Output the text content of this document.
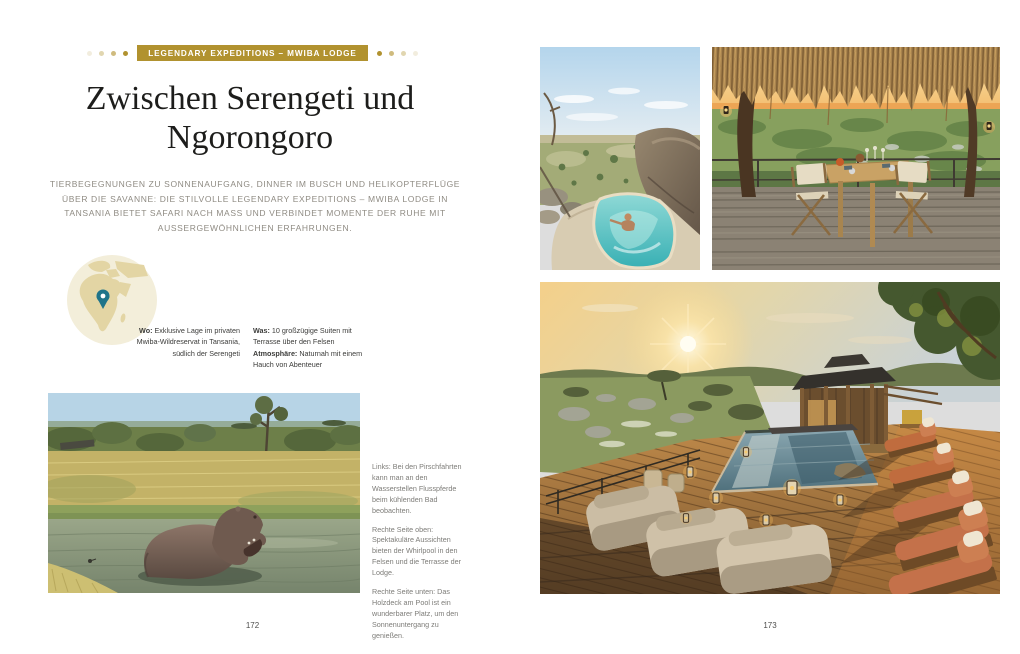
LEGENDARY EXPEDITIONS – MWIBA LODGE
Zwischen Serengeti und
Ngorongoro

TIERBEGEGNUNGEN ZU SONNENAUFGANG, DINNER IM BUSCH UND HELIKOPTERFLÜGE ÜBER DIE SAVANNE: DIE STILVOLLE LEGENDARY EXPEDITIONS – MWIBA LODGE IN TANSANIA BIETET SAFARI NACH MASS UND VERBINDET MOMENTE DER RUHE MIT AUSSERGEWÖHNLICHEN ERFAHRUNGEN.

Wo: Exklusive Lage im privaten Mwiba-Wildreservat in Tansania, südlich der Serengeti
Was: 10 großzügige Suiten mit Terrasse über den Felsen
Atmosphäre: Naturnah mit einem Hauch von Abenteuer

Links: Bei den Pirschfahrten kann man an den Wasserstellen Flusspferde beim kühlenden Bad beobachten.

Rechte Seite oben: Spektakuläre Aussichten bieten der Whirlpool in den Felsen und die Terrasse der Lodge.

Rechte Seite unten: Das Holzdeck am Pool ist ein wunderbarer Platz, um den Sonnenuntergang zu genießen.

172	173
